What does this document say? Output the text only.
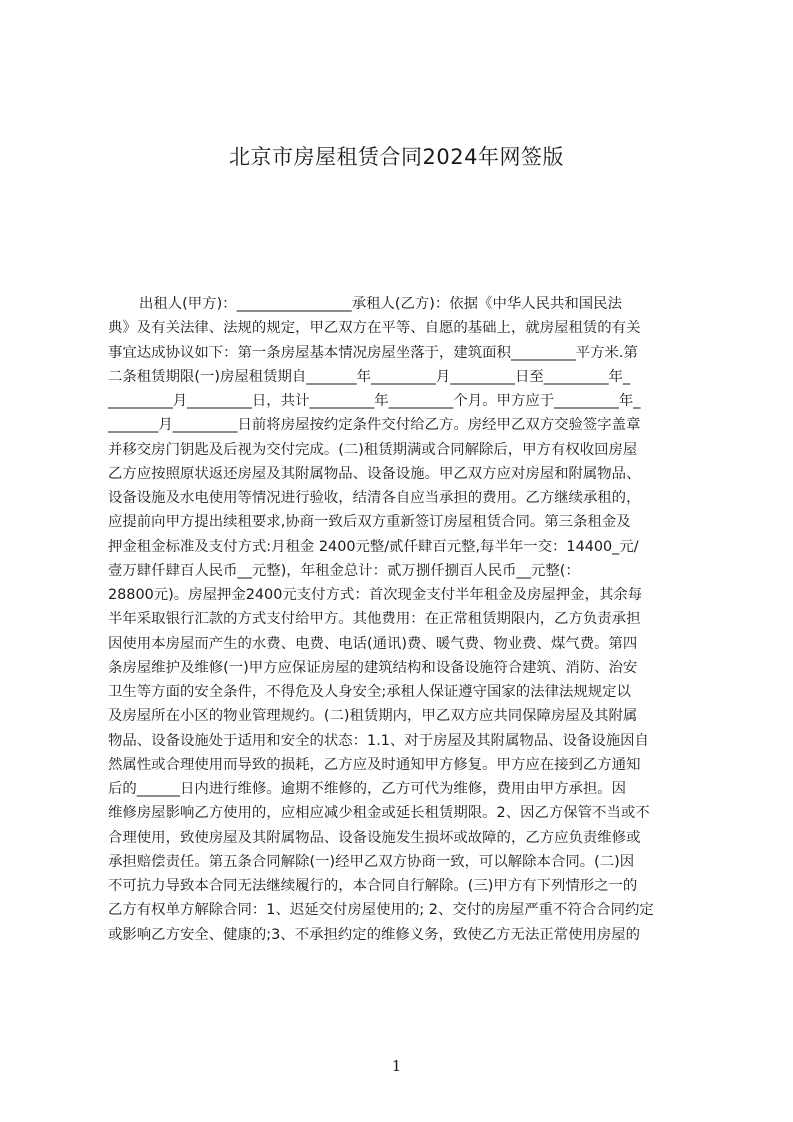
北京市房屋租赁合同2024年网签版
出租人(甲方)：________________承租人(乙方)：依据《中华人民共和国民法
典》及有关法律、法规的规定，甲乙双方在平等、自愿的基础上，就房屋租赁的有关
事宜达成协议如下：第一条房屋基本情况房屋坐落于，建筑面积_________平方米.第
二条租赁期限(一)房屋租赁期自_______年_________月_________日至_________年_
_________月_________日，共计_________年_________个月。甲方应于_________年_
_______月_________日前将房屋按约定条件交付给乙方。房经甲乙双方交验签字盖章
并移交房门钥匙及后视为交付完成。(二)租赁期满或合同解除后，甲方有权收回房屋
乙方应按照原状返还房屋及其附属物品、设备设施。甲乙双方应对房屋和附属物品、
设备设施及水电使用等情况进行验收，结清各自应当承担的费用。乙方继续承租的，
应提前向甲方提出续租要求,协商一致后双方重新签订房屋租赁合同。第三条租金及
押金租金标准及支付方式:月租金 2400元整/贰仟肆百元整,每半年一交：14400_元/
壹万肆仟肆百人民币__元整)，年租金总计：贰万捌仟捌百人民币__元整(：
28800元)。房屋押金2400元支付方式：首次现金支付半年租金及房屋押金，其余每
半年采取银行汇款的方式支付给甲方。其他费用：在正常租赁期限内，乙方负责承担
因使用本房屋而产生的水费、电费、电话(通讯)费、暖气费、物业费、煤气费。第四
条房屋维护及维修(一)甲方应保证房屋的建筑结构和设备设施符合建筑、消防、治安
卫生等方面的安全条件，不得危及人身安全;承租人保证遵守国家的法律法规规定以
及房屋所在小区的物业管理规约。(二)租赁期内，甲乙双方应共同保障房屋及其附属
物品、设备设施处于适用和安全的状态：1.1、对于房屋及其附属物品、设备设施因自
然属性或合理使用而导致的损耗，乙方应及时通知甲方修复。甲方应在接到乙方通知
后的______日内进行维修。逾期不维修的，乙方可代为维修，费用由甲方承担。因
维修房屋影响乙方使用的，应相应减少租金或延长租赁期限。2、因乙方保管不当或不
合理使用，致使房屋及其附属物品、设备设施发生损坏或故障的，乙方应负责维修或
承担赔偿责任。第五条合同解除(一)经甲乙双方协商一致，可以解除本合同。(二)因
不可抗力导致本合同无法继续履行的，本合同自行解除。(三)甲方有下列情形之一的
乙方有权单方解除合同：1、迟延交付房屋使用的; 2、交付的房屋严重不符合合同约定
或影响乙方安全、健康的;3、不承担约定的维修义务，致使乙方无法正常使用房屋的
1
